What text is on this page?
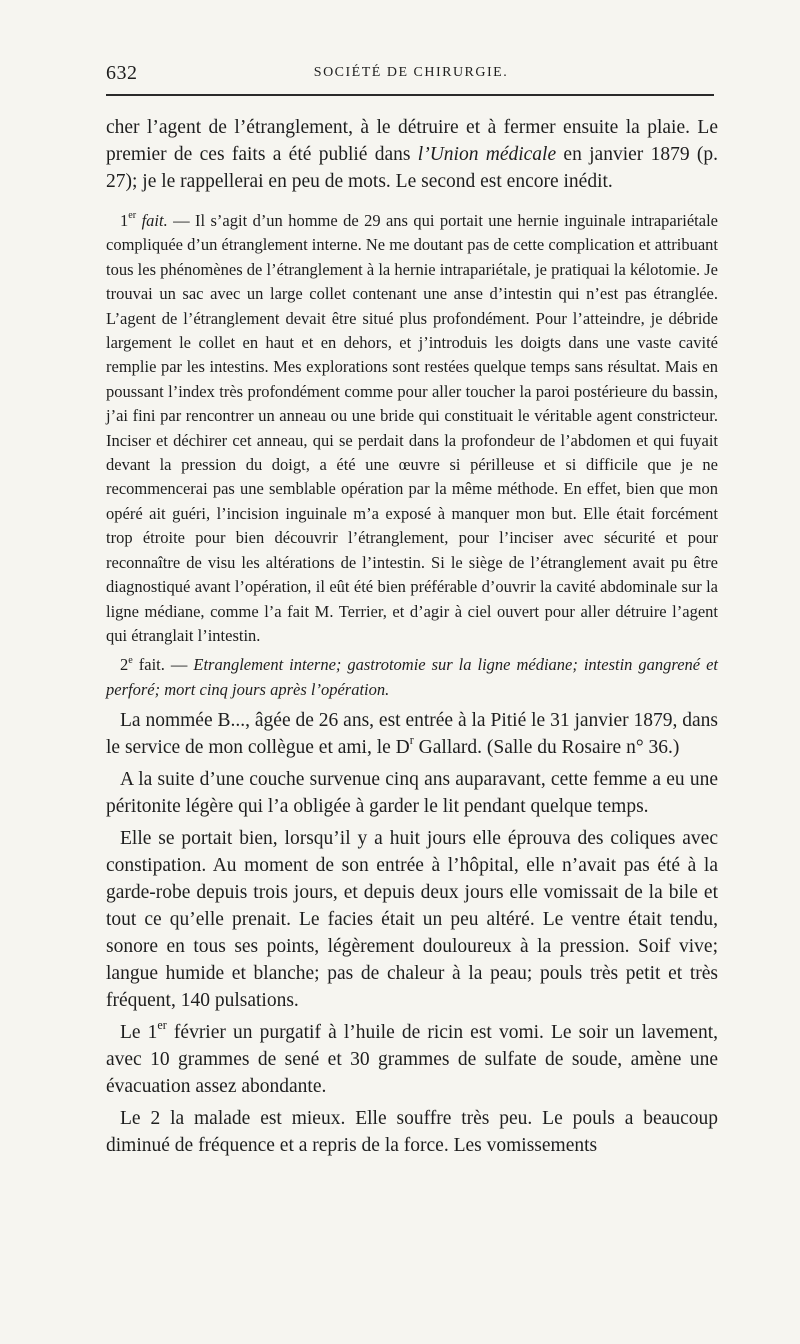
632	SOCIÉTÉ DE CHIRURGIE.

cher l’agent de l’étranglement, à le détruire et à fermer ensuite la plaie. Le premier de ces faits a été publié dans l’Union médicale en janvier 1879 (p. 27); je le rappellerai en peu de mots. Le second est encore inédit.

1er fait. — Il s’agit d’un homme de 29 ans qui portait une hernie inguinale intrapariétale compliquée d’un étranglement interne. Ne me doutant pas de cette complication et attribuant tous les phénomènes de l’étranglement à la hernie intrapariétale, je pratiquai la kélotomie. Je trouvai un sac avec un large collet contenant une anse d’intestin qui n’est pas étranglée. L’agent de l’étranglement devait être situé plus profondément. Pour l’atteindre, je débride largement le collet en haut et en dehors, et j’introduis les doigts dans une vaste cavité remplie par les intestins. Mes explorations sont restées quelque temps sans résultat. Mais en poussant l’index très profondément comme pour aller toucher la paroi postérieure du bassin, j’ai fini par rencontrer un anneau ou une bride qui constituait le véritable agent constricteur. Inciser et déchirer cet anneau, qui se perdait dans la profondeur de l’abdomen et qui fuyait devant la pression du doigt, a été une œuvre si périlleuse et si difficile que je ne recommencerai pas une semblable opération par la même méthode. En effet, bien que mon opéré ait guéri, l’incision inguinale m’a exposé à manquer mon but. Elle était forcément trop étroite pour bien découvrir l’étranglement, pour l’inciser avec sécurité et pour reconnaître de visu les altérations de l’intestin. Si le siège de l’étranglement avait pu être diagnostiqué avant l’opération, il eût été bien préférable d’ouvrir la cavité abdominale sur la ligne médiane, comme l’a fait M. Terrier, et d’agir à ciel ouvert pour aller détruire l’agent qui étranglait l’intestin.

2e fait. — Etranglement interne; gastrotomie sur la ligne médiane; intestin gangrené et perforé; mort cinq jours après l’opération.

La nommée B..., âgée de 26 ans, est entrée à la Pitié le 31 janvier 1879, dans le service de mon collègue et ami, le $D^r$ Gallard. (Salle du Rosaire n° 36.)

A la suite d’une couche survenue cinq ans auparavant, cette femme a eu une péritonite légère qui l’a obligée à garder le lit pendant quelque temps.

Elle se portait bien, lorsqu’il y a huit jours elle éprouva des coliques avec constipation. Au moment de son entrée à l’hôpital, elle n’avait pas été à la garde-robe depuis trois jours, et depuis deux jours elle vomissait de la bile et tout ce qu’elle prenait. Le facies était un peu altéré. Le ventre était tendu, sonore en tous ses points, légèrement douloureux à la pression. Soif vive; langue humide et blanche; pas de chaleur à la peau; pouls très petit et très fréquent, 140 pulsations.

Le 1er février un purgatif à l’huile de ricin est vomi. Le soir un lavement, avec 10 grammes de sené et 30 grammes de sulfate de soude, amène une évacuation assez abondante.

Le 2 la malade est mieux. Elle souffre très peu. Le pouls a beaucoup diminué de fréquence et a repris de la force. Les vomissements
